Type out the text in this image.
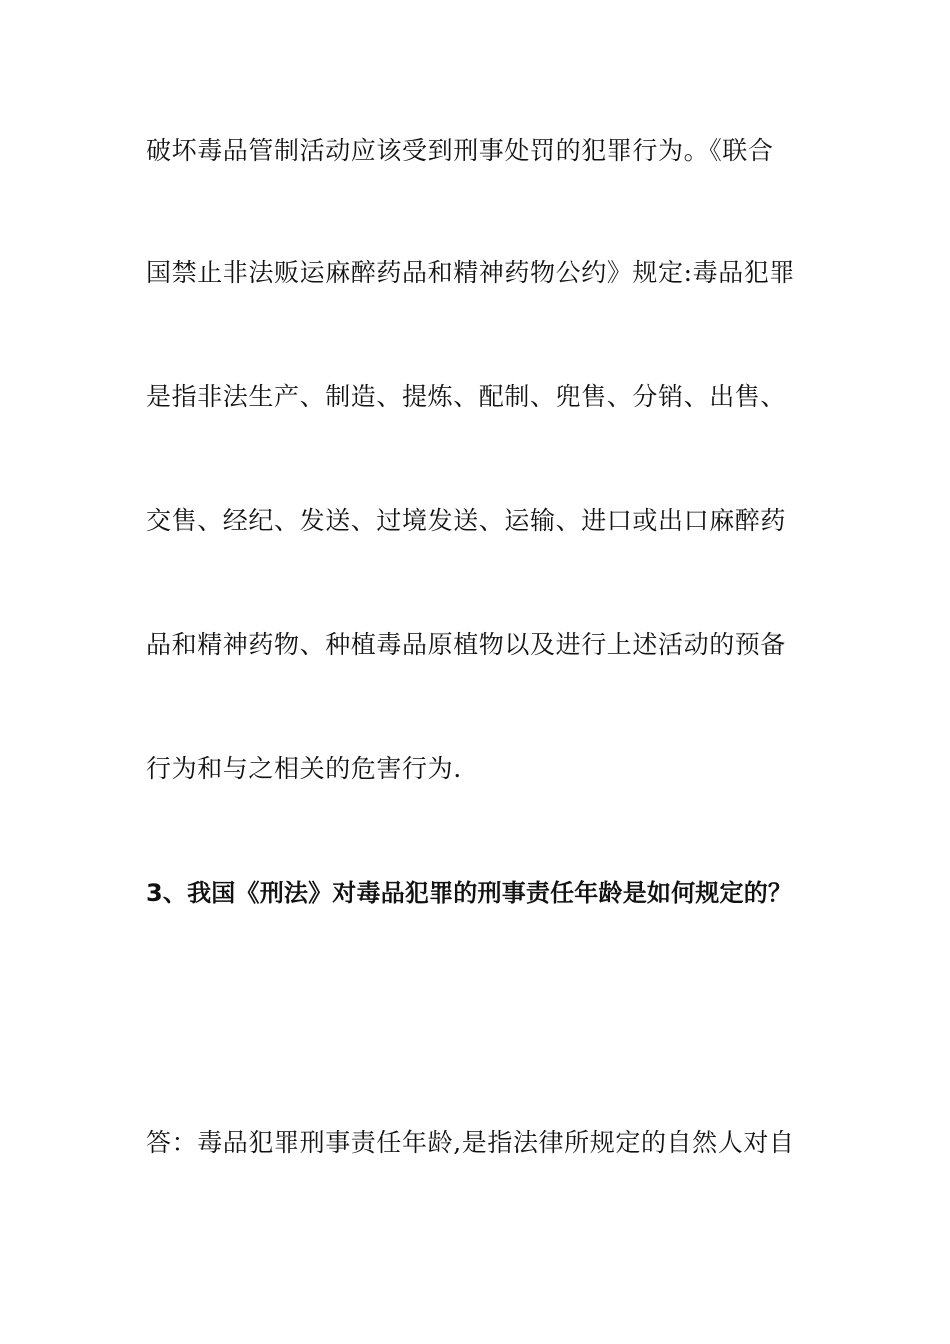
破坏毒品管制活动应该受到刑事处罚的犯罪行为。《联合
国禁止非法贩运麻醉药品和精神药物公约》规定:毒品犯罪
是指非法生产、制造、提炼、配制、兜售、分销、出售、
交售、经纪、发送、过境发送、运输、进口或出口麻醉药
品和精神药物、种植毒品原植物以及进行上述活动的预备
行为和与之相关的危害行为.
3、我国《刑法》对毒品犯罪的刑事责任年龄是如何规定的？
答：毒品犯罪刑事责任年龄,是指法律所规定的自然人对自
